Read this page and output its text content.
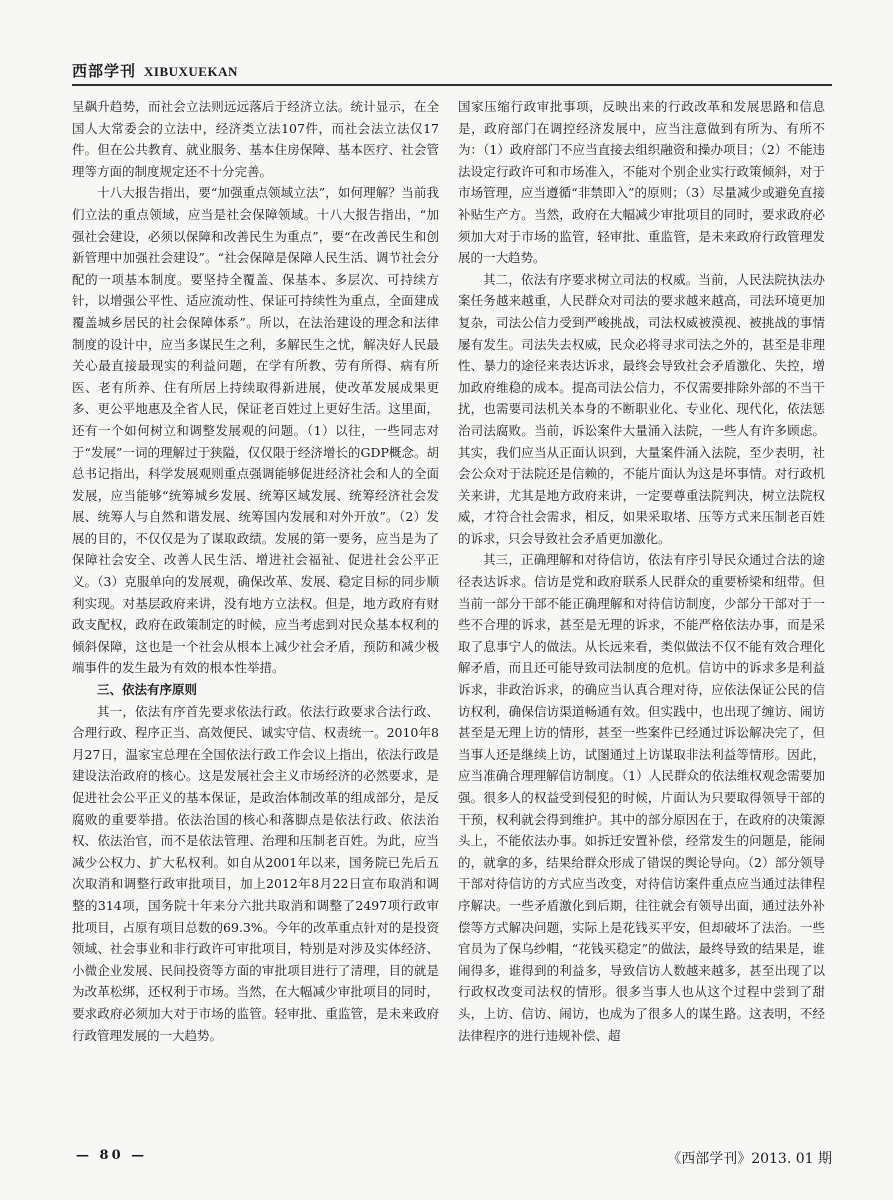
西部学刊 XIBUXUEKAN

呈飙升趋势，而社会立法则远远落后于经济立法。统计显示，在全国人大常委会的立法中，经济类立法107件，而社会法立法仅17件。但在公共教育、就业服务、基本住房保障、基本医疗、社会管理等方面的制度规定还不十分完善。

十八大报告指出，要“加强重点领域立法”，如何理解？当前我们立法的重点领域，应当是社会保障领域。十八大报告指出，“加强社会建设，必须以保障和改善民生为重点”，要“在改善民生和创新管理中加强社会建设”。“社会保障是保障人民生活、调节社会分配的一项基本制度。要坚持全覆盖、保基本、多层次、可持续方针，以增强公平性、适应流动性、保证可持续性为重点，全面建成覆盖城乡居民的社会保障体系”。所以，在法治建设的理念和法律制度的设计中，应当多谋民生之利，多解民生之忧，解决好人民最关心最直接最现实的利益问题，在学有所教、劳有所得、病有所医、老有所养、住有所居上持续取得新进展，使改革发展成果更多、更公平地惠及全省人民，保证老百姓过上更好生活。这里面，还有一个如何树立和调整发展观的问题。（1）以往，一些同志对于“发展”一词的理解过于狭隘，仅仅限于经济增长的GDP概念。胡总书记指出，科学发展观则重点强调能够促进经济社会和人的全面发展，应当能够“统筹城乡发展、统筹区域发展、统筹经济社会发展、统筹人与自然和谐发展、统筹国内发展和对外开放”。（2）发展的目的，不仅仅是为了谋取政绩。发展的第一要务，应当是为了保障社会安全、改善人民生活、增进社会福祉、促进社会公平正义。（3）克服单向的发展观，确保改革、发展、稳定目标的同步顺利实现。对基层政府来讲，没有地方立法权。但是，地方政府有财政支配权，政府在政策制定的时候，应当考虑到对民众基本权利的倾斜保障，这也是一个社会从根本上减少社会矛盾，预防和减少极端事件的发生最为有效的根本性举措。

三、依法有序原则

其一，依法有序首先要求依法行政。依法行政要求合法行政、合理行政、程序正当、高效便民、诚实守信、权责统一。2010年8月27日，温家宝总理在全国依法行政工作会议上指出，依法行政是建设法治政府的核心。这是发展社会主义市场经济的必然要求，是促进社会公平正义的基本保证，是政治体制改革的组成部分，是反腐败的重要举措。依法治国的核心和落脚点是依法行政、依法治权、依法治官，而不是依法管理、治理和压制老百姓。为此，应当减少公权力、扩大私权利。如自从2001年以来，国务院已先后五次取消和调整行政审批项目，加上2012年8月22日宣布取消和调整的314项，国务院十年来分六批共取消和调整了2497项行政审批项目，占原有项目总数的69.3%。今年的改革重点针对的是投资领域、社会事业和非行政许可审批项目，特别是对涉及实体经济、小微企业发展、民间投资等方面的审批项目进行了清理，目的就是为改革松绑，还权利于市场。当然，在大幅减少审批项目的同时，要求政府必须加大对于市场的监管。轻审批、重监管，是未来政府行政管理发展的一大趋势。

国家压缩行政审批事项，反映出来的行政改革和发展思路和信息是，政府部门在调控经济发展中，应当注意做到有所为、有所不为：（1）政府部门不应当直接去组织融资和操办项目；（2）不能违法设定行政许可和市场准入，不能对个别企业实行政策倾斜，对于市场管理，应当遵循“非禁即入”的原则；（3）尽量减少或避免直接补贴生产方。当然，政府在大幅减少审批项目的同时，要求政府必须加大对于市场的监管，轻审批、重监管，是未来政府行政管理发展的一大趋势。

其二，依法有序要求树立司法的权威。当前，人民法院执法办案任务越来越重，人民群众对司法的要求越来越高，司法环境更加复杂，司法公信力受到严峻挑战，司法权威被漠视、被挑战的事情屡有发生。司法失去权威，民众必将寻求司法之外的，甚至是非理性、暴力的途径来表达诉求，最终会导致社会矛盾激化、失控，增加政府维稳的成本。提高司法公信力，不仅需要排除外部的不当干扰，也需要司法机关本身的不断职业化、专业化、现代化，依法惩治司法腐败。当前，诉讼案件大量涌入法院，一些人有许多顾虑。其实，我们应当从正面认识到，大量案件涌入法院，至少表明，社会公众对于法院还是信赖的，不能片面认为这是坏事情。对行政机关来讲，尤其是地方政府来讲，一定要尊重法院判决，树立法院权威，才符合社会需求，相反，如果采取堵、压等方式来压制老百姓的诉求，只会导致社会矛盾更加激化。

其三，正确理解和对待信访，依法有序引导民众通过合法的途径表达诉求。信访是党和政府联系人民群众的重要桥梁和纽带。但当前一部分干部不能正确理解和对待信访制度，少部分干部对于一些不合理的诉求，甚至是无理的诉求，不能严格依法办事，而是采取了息事宁人的做法。从长远来看，类似做法不仅不能有效合理化解矛盾，而且还可能导致司法制度的危机。信访中的诉求多是利益诉求，非政治诉求，的确应当认真合理对待，应依法保证公民的信访权利，确保信访渠道畅通有效。但实践中，也出现了缠访、闹访甚至是无理上访的情形，甚至一些案件已经通过诉讼解决完了，但当事人还是继续上访，试图通过上访谋取非法利益等情形。因此，应当准确合理理解信访制度。（1）人民群众的依法维权观念需要加强。很多人的权益受到侵犯的时候，片面认为只要取得领导干部的干预，权利就会得到维护。其中的部分原因在于，在政府的决策源头上，不能依法办事。如拆迁安置补偿，经常发生的问题是，能闹的，就拿的多，结果给群众形成了错误的舆论导向。（2）部分领导干部对待信访的方式应当改变，对待信访案件重点应当通过法律程序解决。一些矛盾激化到后期，往往就会有领导出面，通过法外补偿等方式解决问题，实际上是花钱买平安，但却破坏了法治。一些官员为了保乌纱帽，“花钱买稳定”的做法，最终导致的结果是，谁闹得多，谁得到的利益多，导致信访人数越来越多，甚至出现了以行政权改变司法权的情形。很多当事人也从这个过程中尝到了甜头，上访、信访、闹访，也成为了很多人的谋生路。这表明，不经法律程序的进行违规补偿、超

— 80 —	《西部学刊》2013. 01 期
